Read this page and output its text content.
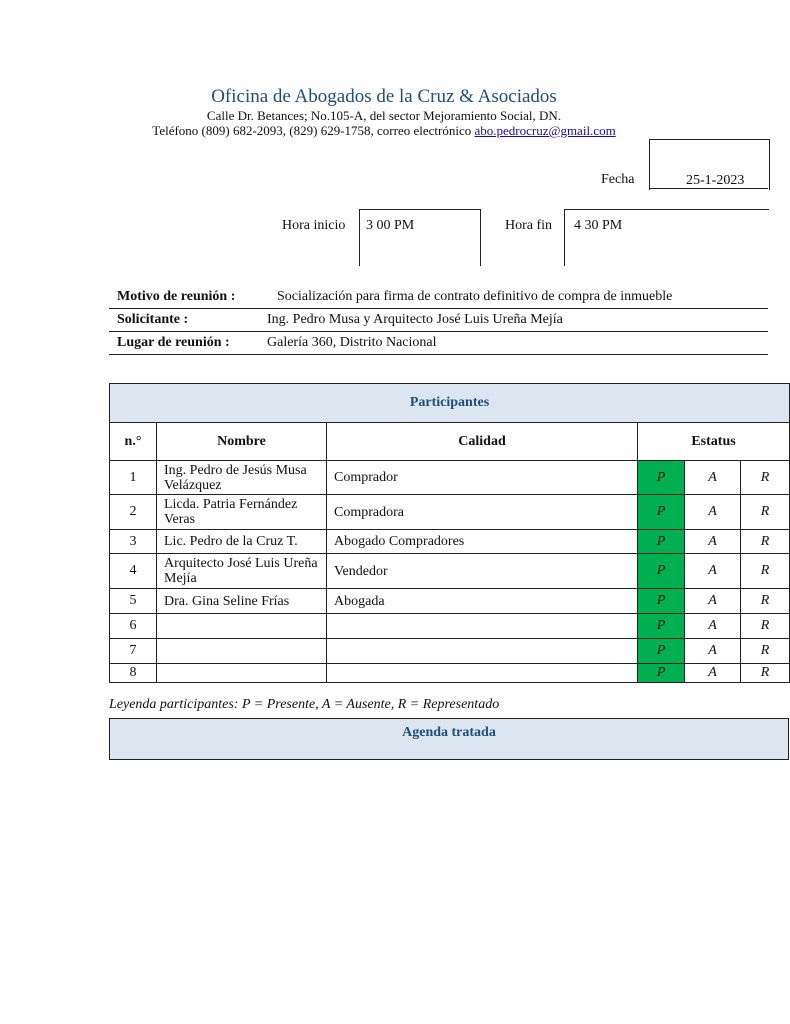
Oficina de Abogados de la Cruz & Asociados
Calle Dr. Betances; No.105-A, del sector Mejoramiento Social, DN.
Teléfono (809) 682-2093, (829) 629-1758, correo electrónico abo.pedrocruz@gmail.com
Fecha	25-1-2023
Hora inicio 3 00 PM	Hora fin 4 30 PM
Motivo de reunión :	Socialización para firma de contrato definitivo de compra de inmueble
Solicitante :	Ing. Pedro Musa y Arquitecto José Luis Ureña Mejía
Lugar de reunión :	Galería 360, Distrito Nacional
Participantes					
n.°	Nombre	Calidad	Estatus		
1	Ing. Pedro de Jesús Musa Velázquez	Comprador	P	A	R
2	Licda. Patria Fernández Veras	Compradora	P	A	R
3	Lic. Pedro de la Cruz T.	Abogado Compradores	P	A	R
4	Arquitecto José Luis Ureña Mejía	Vendedor	P	A	R
5	Dra. Gina Seline Frías	Abogada	P	A	R
6			P	A	R
7			P	A	R
8			P	A	R
Leyenda participantes: P = Presente, A = Ausente, R = Representado
Agenda tratada
